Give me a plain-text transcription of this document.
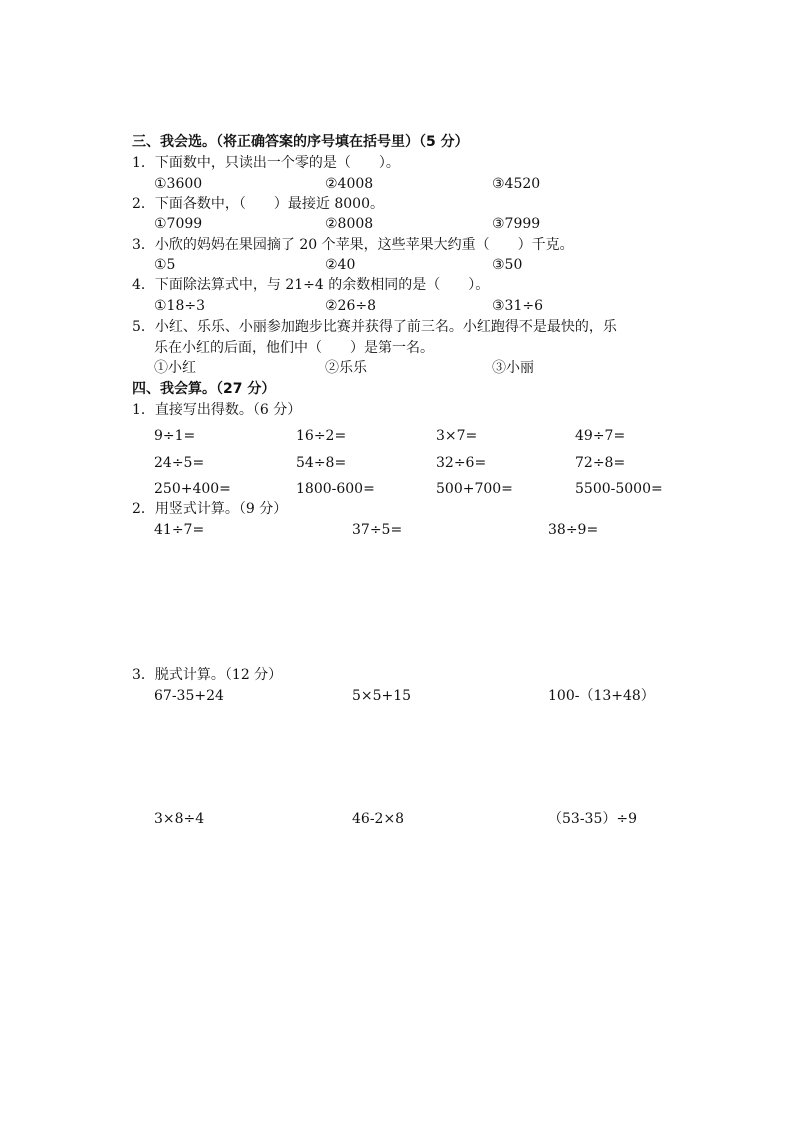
三、我会选。（将正确答案的序号填在括号里）（5 分）
1．下面数中，只读出一个零的是（　　）。
①3600	②4008	③4520
2．下面各数中，（　　）最接近 8000。
①7099	②8008	③7999
3．小欣的妈妈在果园摘了 20 个苹果，这些苹果大约重（　　）千克。
①5	②40	③50
4．下面除法算式中，与 21÷4 的余数相同的是（　　）。
①18÷3	②26÷8	③31÷6
5．小红、乐乐、小丽参加跑步比赛并获得了前三名。小红跑得不是最快的，乐
乐在小红的后面，他们中（　　）是第一名。
①小红	②乐乐	③小丽
四、我会算。（27 分）
1．直接写出得数。（6 分）
9÷1=	16÷2=	3×7=	49÷7=
24÷5=	54÷8=	32÷6=	72÷8=
250+400=	1800-600=	500+700=	5500-5000=
2．用竖式计算。（9 分）
41÷7=	37÷5=	38÷9=
3．脱式计算。（12 分）
67-35+24	5×5+15	100-（13+48）
3×8÷4	46-2×8	（53-35）÷9
